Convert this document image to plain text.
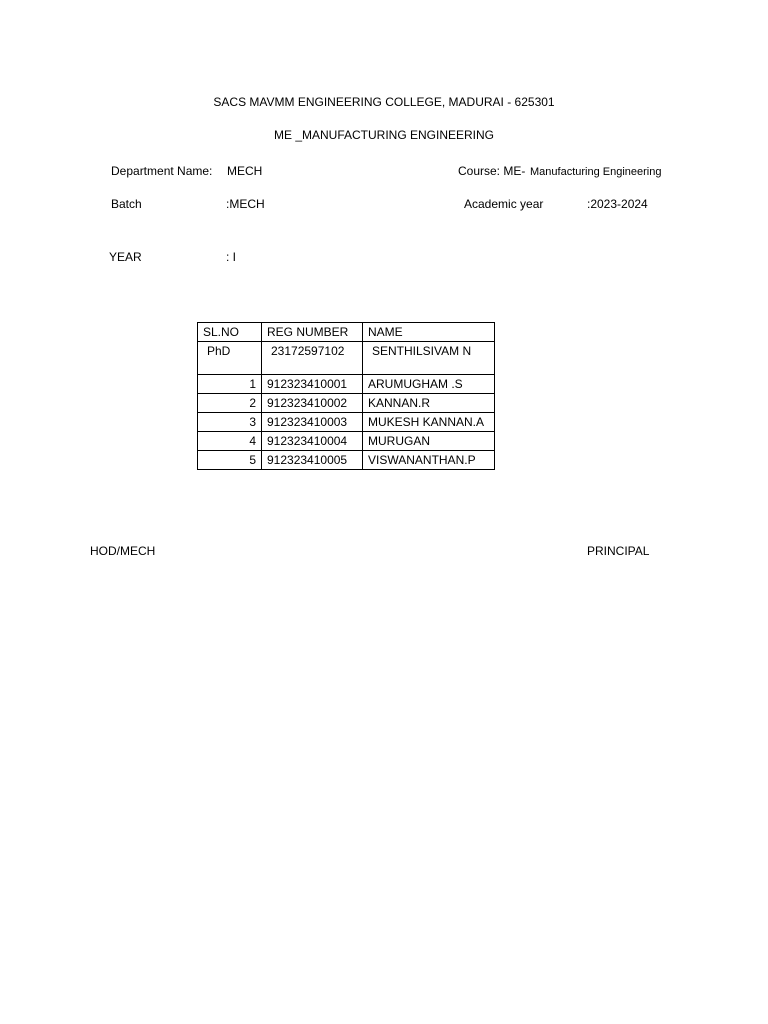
SACS MAVMM ENGINEERING COLLEGE, MADURAI - 625301
ME _MANUFACTURING ENGINEERING
Department Name: MECH	Course: ME- Manufacturing Engineering
Batch	:MECH	Academic year	:2023-2024
YEAR	: I
SL.NO	REG NUMBER	NAME
PhD	23172597102	SENTHILSIVAM N
1	912323410001	ARUMUGHAM .S
2	912323410002	KANNAN.R
3	912323410003	MUKESH KANNAN.A
4	912323410004	MURUGAN
5	912323410005	VISWANANTHAN.P
HOD/MECH	PRINCIPAL
